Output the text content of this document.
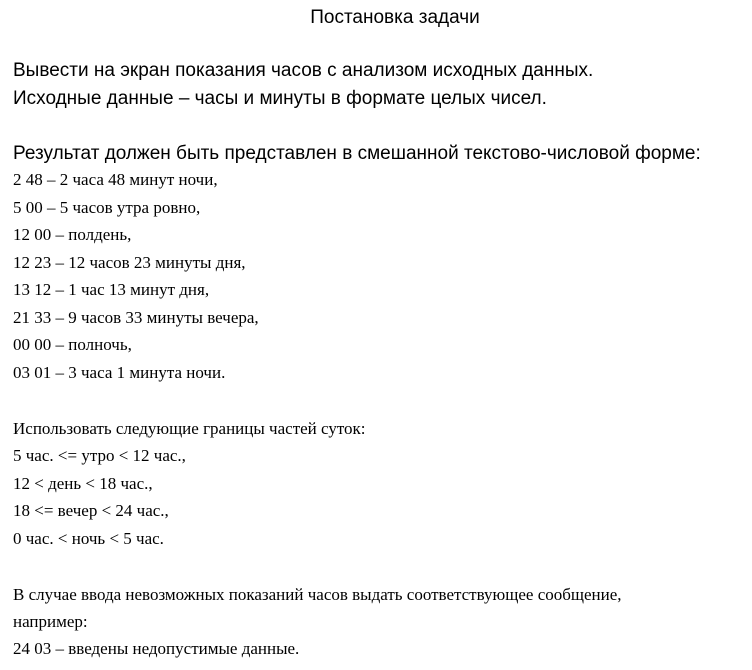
Постановка задачи
Вывести на экран показания часов с анализом исходных данных.
Исходные данные – часы и минуты в формате целых чисел.
Результат должен быть представлен в смешанной текстово-числовой форме:
2 48 – 2 часа 48 минут ночи,
5 00 – 5 часов утра ровно,
12 00 – полдень,
12 23 – 12 часов 23 минуты дня,
13 12 – 1 час 13 минут дня,
21 33 – 9 часов 33 минуты вечера,
00 00 – полночь,
03 01 – 3 часа 1 минута ночи.
Использовать следующие границы частей суток:
5 час. <= утро < 12 час.,
12 < день < 18 час.,
18 <= вечер < 24 час.,
0 час. < ночь < 5 час.
В случае ввода невозможных показаний часов выдать соответствующее сообщение,
например:
24 03 – введены недопустимые данные.
